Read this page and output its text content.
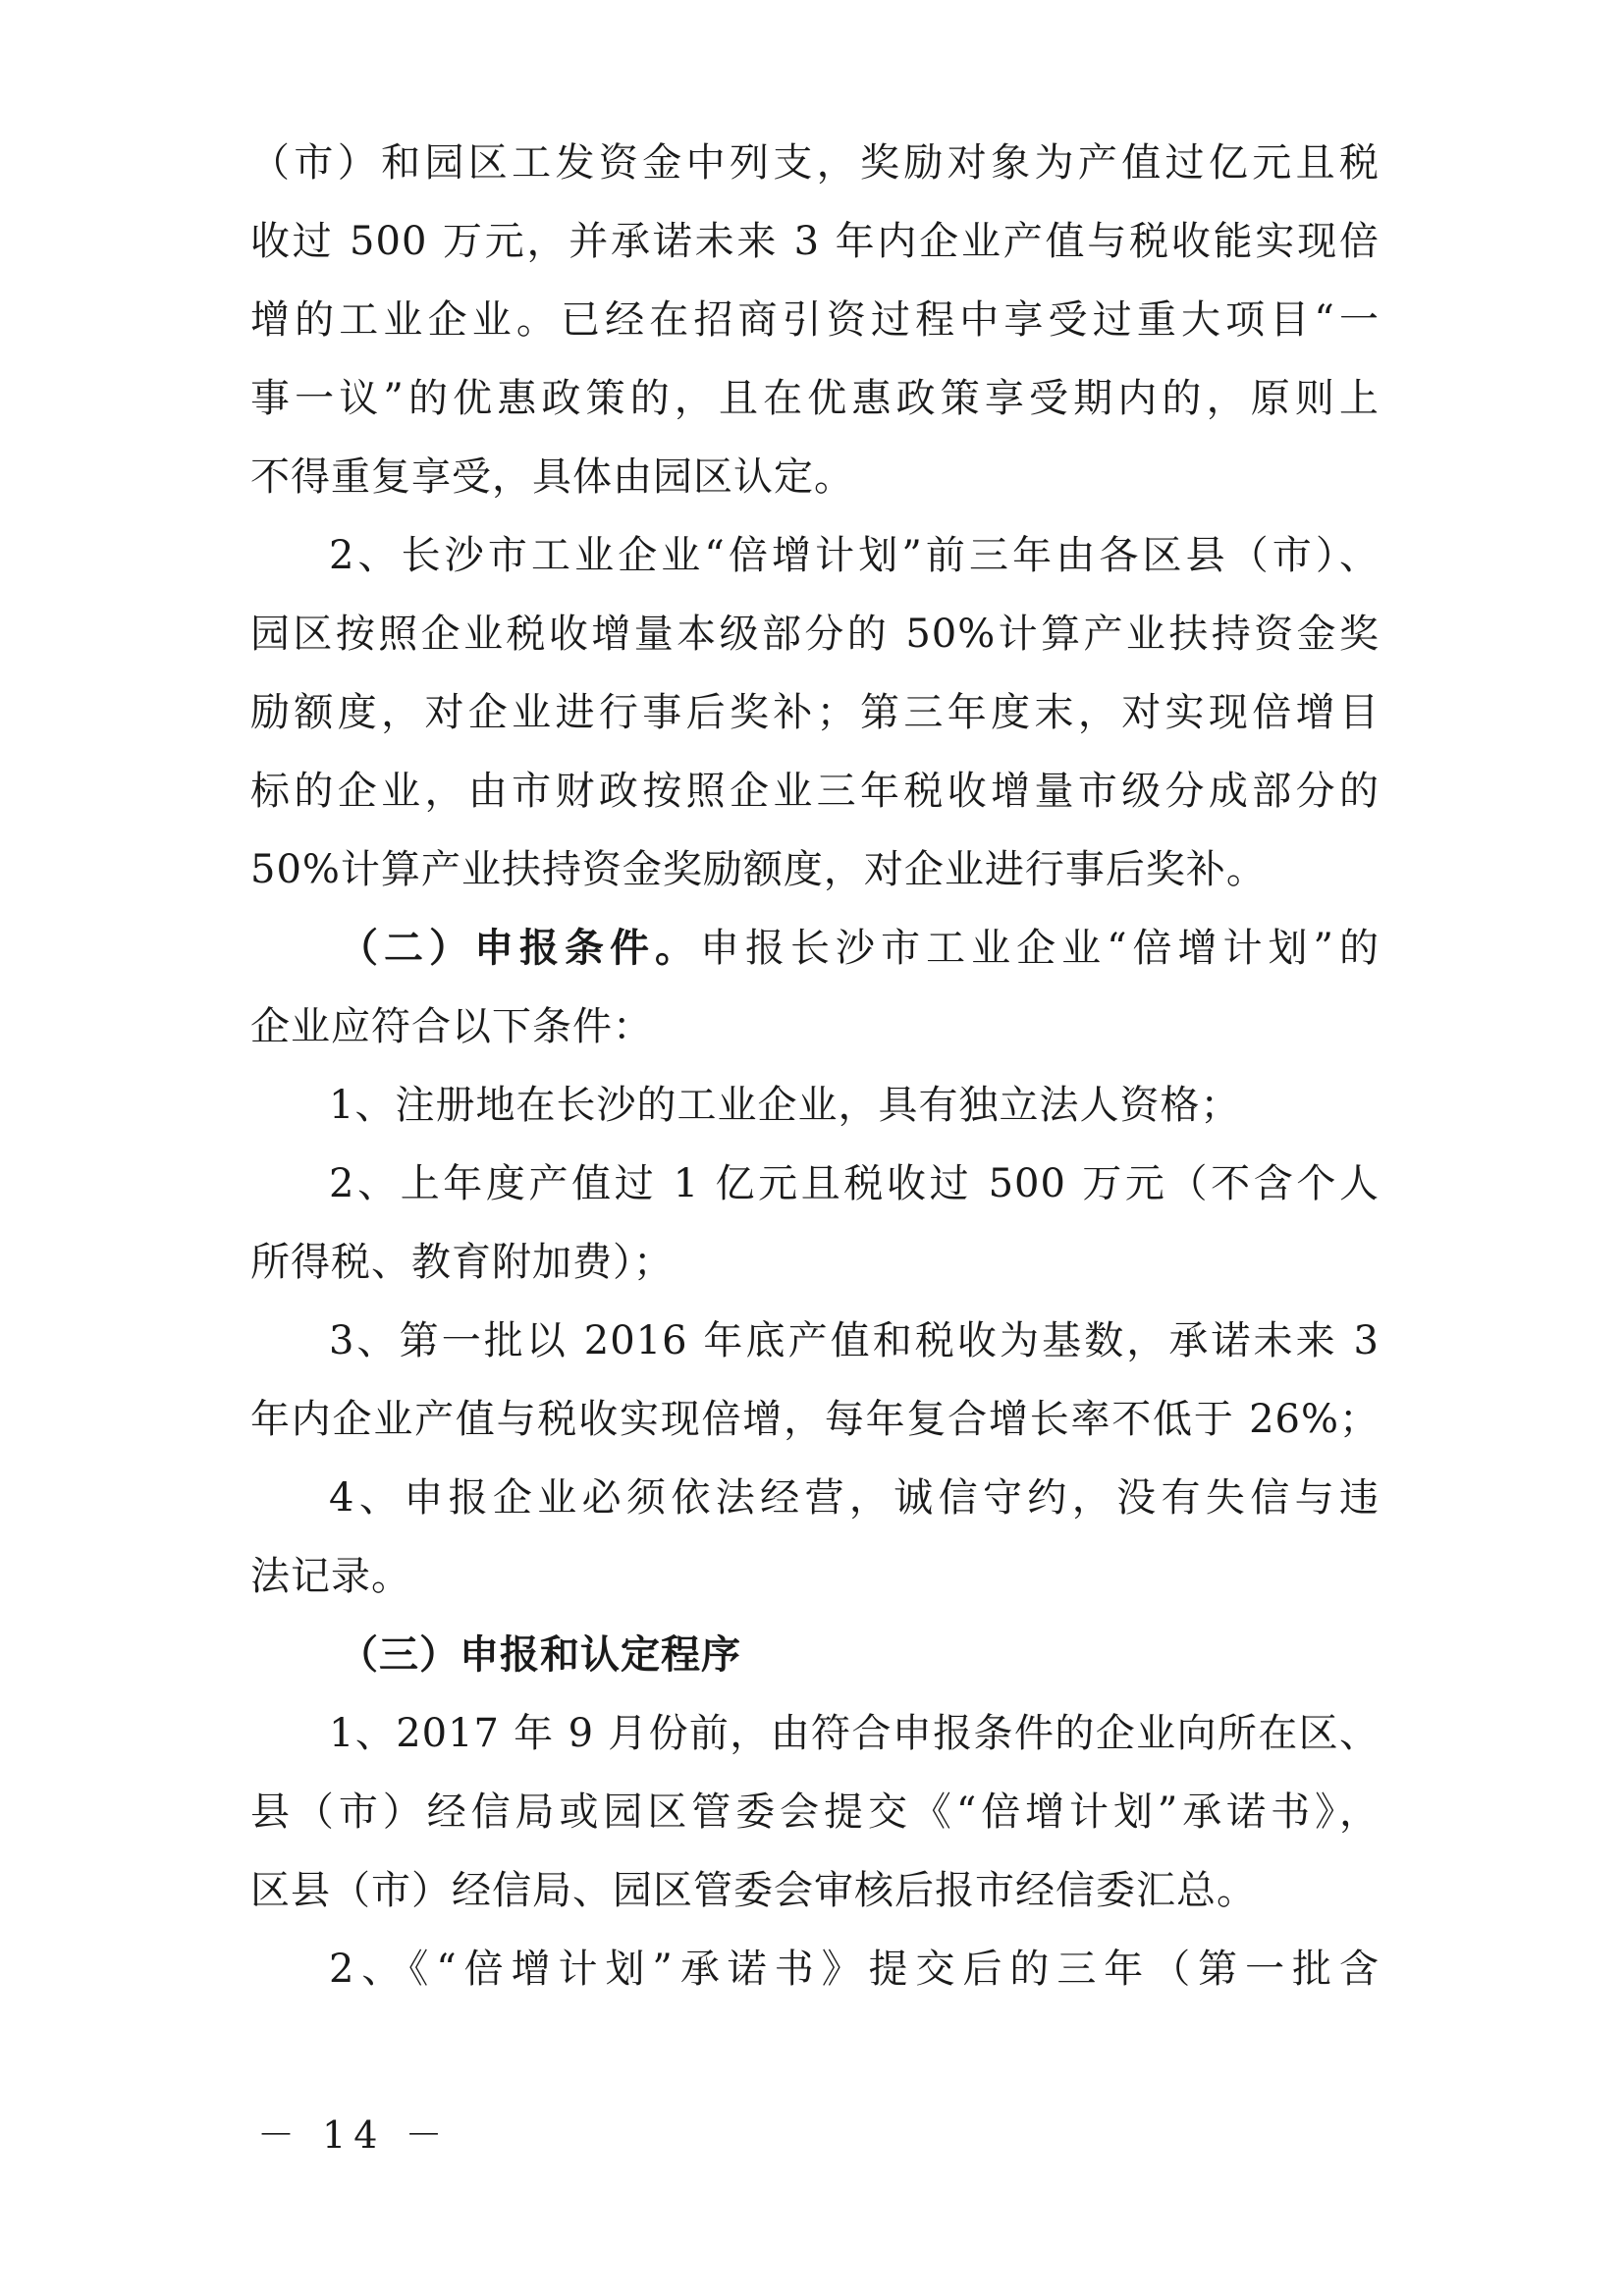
（市）和园区工发资金中列支，奖励对象为产值过亿元且税
收过 500 万元，并承诺未来 3 年内企业产值与税收能实现倍
增的工业企业。已经在招商引资过程中享受过重大项目“一
事一议”的优惠政策的，且在优惠政策享受期内的，原则上
不得重复享受，具体由园区认定。
2、长沙市工业企业“倍增计划”前三年由各区县（市）、
园区按照企业税收增量本级部分的 50%计算产业扶持资金奖
励额度，对企业进行事后奖补；第三年度末，对实现倍增目
标的企业，由市财政按照企业三年税收增量市级分成部分的
50%计算产业扶持资金奖励额度，对企业进行事后奖补。
（二）申报条件。申报长沙市工业企业“倍增计划”的
企业应符合以下条件：
1、注册地在长沙的工业企业，具有独立法人资格；
2、上年度产值过 1 亿元且税收过 500 万元（不含个人
所得税、教育附加费）；
3、第一批以 2016 年底产值和税收为基数，承诺未来 3
年内企业产值与税收实现倍增，每年复合增长率不低于 26%；
4、申报企业必须依法经营，诚信守约，没有失信与违
法记录。
（三）申报和认定程序
1、2017 年 9 月份前，由符合申报条件的企业向所在区、
县（市）经信局或园区管委会提交《“倍增计划”承诺书》，
区县（市）经信局、园区管委会审核后报市经信委汇总。
2、《“倍增计划”承诺书》提交后的三年（第一批含
－ 14 －
